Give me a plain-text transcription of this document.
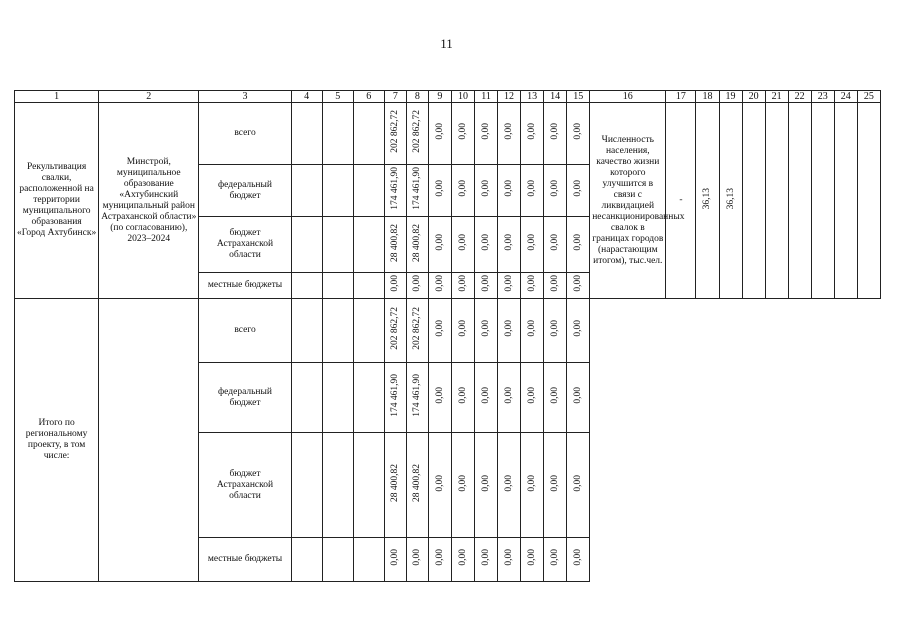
11
1	2	3	4	5	6	7	8	9	10	11	12	13	14	15	16	17	18	19	20	21	22	23	24	25
Рекультивация свалки, расположенной на территории муниципального образования «Город Ахтубинск»	Минстрой, муниципальное образование «Ахтубинский муниципальный район Астраханской области» (по согласованию), 2023–2024	всего				202 862,72	202 862,72	0,00	0,00	0,00	0,00	0,00	0,00	0,00	Численность населения, качество жизни которого улучшится в связи с ликвидацией несанкционированных свалок в границах городов (нарастающим итогом), тыс.чел.	-	36,13	36,13						
		федеральный бюджет				174 461,90	174 461,90	0,00	0,00	0,00	0,00	0,00	0,00	0,00										
		бюджет Астраханской области				28 400,82	28 400,82	0,00	0,00	0,00	0,00	0,00	0,00	0,00										
		местные бюджеты				0,00	0,00	0,00	0,00	0,00	0,00	0,00	0,00	0,00										
Итого по региональному проекту, в том числе:		всего				202 862,72	202 862,72	0,00	0,00	0,00	0,00	0,00	0,00	0,00										
		федеральный бюджет				174 461,90	174 461,90	0,00	0,00	0,00	0,00	0,00	0,00	0,00										
		бюджет Астраханской области				28 400,82	28 400,82	0,00	0,00	0,00	0,00	0,00	0,00	0,00										
		местные бюджеты				0,00	0,00	0,00	0,00	0,00	0,00	0,00	0,00	0,00										
